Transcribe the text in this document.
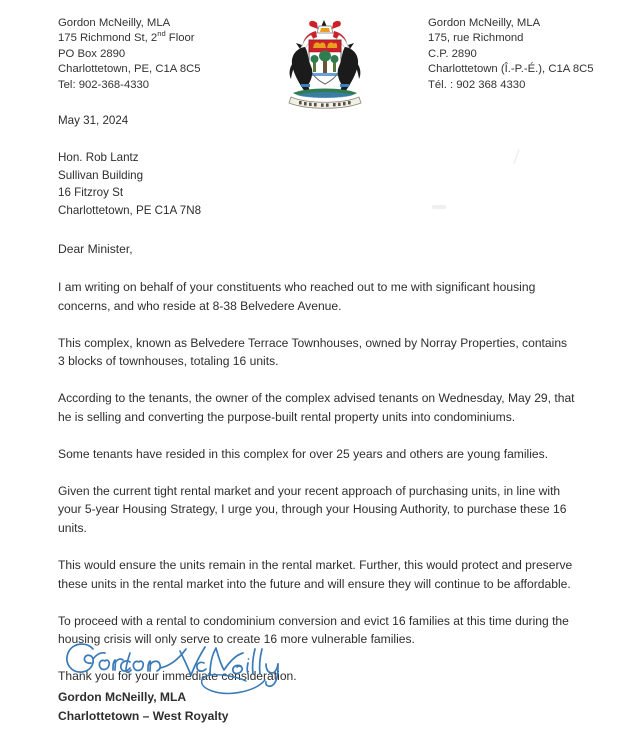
Gordon McNeilly, MLA
175 Richmond St, 2nd Floor
PO Box 2890
Charlottetown, PE, C1A 8C5
Tel: 902-368-4330
Gordon McNeilly, MLA
175, rue Richmond
C.P. 2890
Charlottetown (Î.-P.-É.), C1A 8C5
Tél. : 902 368 4330
May 31, 2024
Hon. Rob Lantz
Sullivan Building
16 Fitzroy St
Charlottetown, PE C1A 7N8
Dear Minister,

I am writing on behalf of your constituents who reached out to me with significant housing concerns, and who reside at 8-38 Belvedere Avenue.

This complex, known as Belvedere Terrace Townhouses, owned by Norray Properties, contains 3 blocks of townhouses, totaling 16 units.

According to the tenants, the owner of the complex advised tenants on Wednesday, May 29, that he is selling and converting the purpose-built rental property units into condominiums.

Some tenants have resided in this complex for over 25 years and others are young families.

Given the current tight rental market and your recent approach of purchasing units, in line with your 5-year Housing Strategy, I urge you, through your Housing Authority, to purchase these 16 units.

This would ensure the units remain in the rental market. Further, this would protect and preserve these units in the rental market into the future and will ensure they will continue to be affordable.

To proceed with a rental to condominium conversion and evict 16 families at this time during the housing crisis will only serve to create 16 more vulnerable families.

Thank you for your immediate consideration.

Gordon McNeilly, MLA
Charlottetown – West Royalty
